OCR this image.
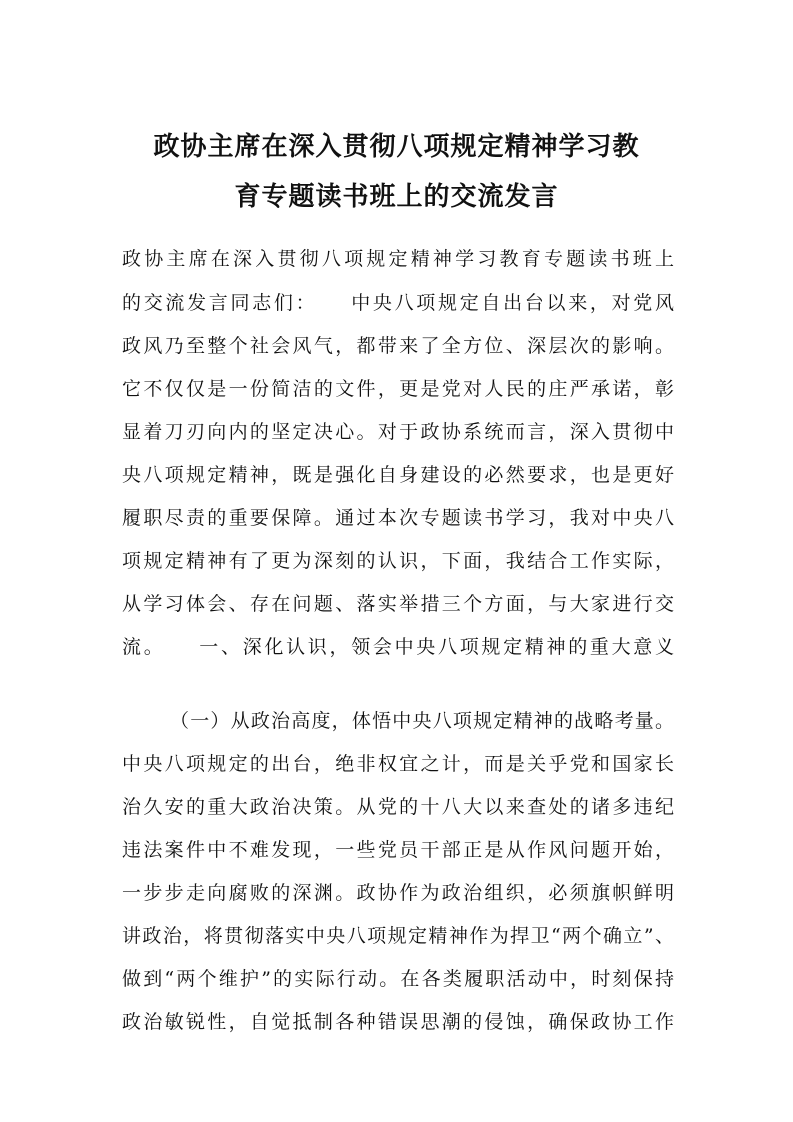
政协主席在深入贯彻八项规定精神学习教
育专题读书班上的交流发言
政协主席在深入贯彻八项规定精神学习教育专题读书班上
的交流发言同志们：　　中央八项规定自出台以来，对党风
政风乃至整个社会风气，都带来了全方位、深层次的影响。
它不仅仅是一份简洁的文件，更是党对人民的庄严承诺，彰
显着刀刃向内的坚定决心。对于政协系统而言，深入贯彻中
央八项规定精神，既是强化自身建设的必然要求，也是更好
履职尽责的重要保障。通过本次专题读书学习，我对中央八
项规定精神有了更为深刻的认识，下面，我结合工作实际，
从学习体会、存在问题、落实举措三个方面，与大家进行交
流。　　一、深化认识，领会中央八项规定精神的重大意义
（一）从政治高度，体悟中央八项规定精神的战略考量。
中央八项规定的出台，绝非权宜之计，而是关乎党和国家长
治久安的重大政治决策。从党的十八大以来查处的诸多违纪
违法案件中不难发现，一些党员干部正是从作风问题开始，
一步步走向腐败的深渊。政协作为政治组织，必须旗帜鲜明
讲政治，将贯彻落实中央八项规定精神作为捍卫“两个确立”、
做到“两个维护”的实际行动。在各类履职活动中，时刻保持
政治敏锐性，自觉抵制各种错误思潮的侵蚀，确保政协工作
